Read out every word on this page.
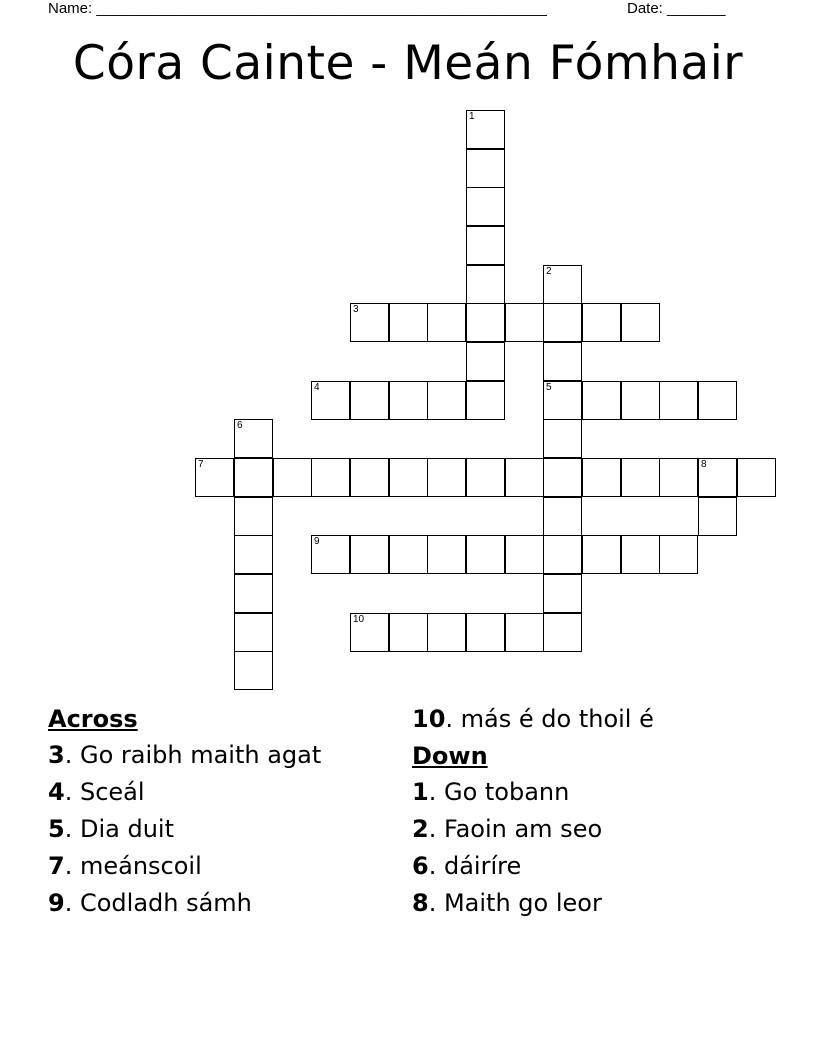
Name: ______________________________________________________	Date: _______
Córa Cainte - Meán Fómhair
1
2
5
3
4
6
7	8
9
10
Across
3. Go raibh maith agat
4. Sceál
5. Dia duit
7. meánscoil
9. Codladh sámh
10. más é do thoil é
Down
1. Go tobann
2. Faoin am seo
6. dáiríre
8. Maith go leor
